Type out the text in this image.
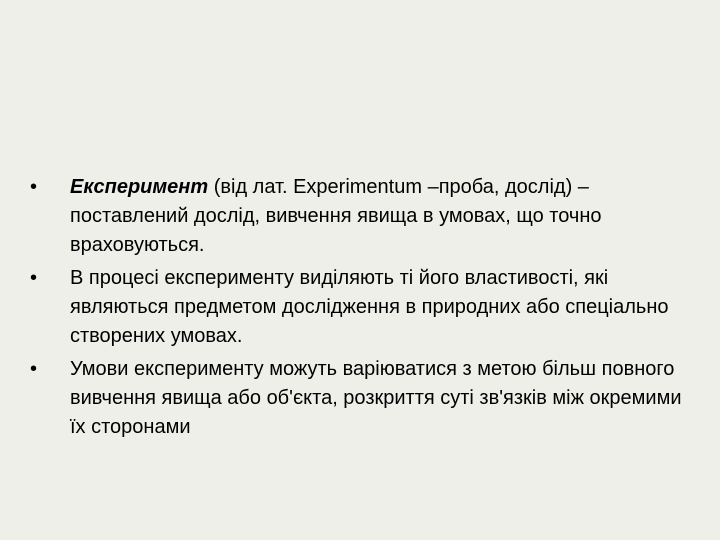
•	Експеримент (від лат. Experimentum –проба, дослід) – поставлений дослід, вивчення явища в умовах, що точно враховуються.
•	В процесі експерименту виділяють ті його властивості, які являються предметом дослідження в природних або спеціально створених умовах.
•	Умови експерименту можуть варіюватися з метою більш повного вивчення явища або об'єкта, розкриття суті зв'язків між окремими їх сторонами
